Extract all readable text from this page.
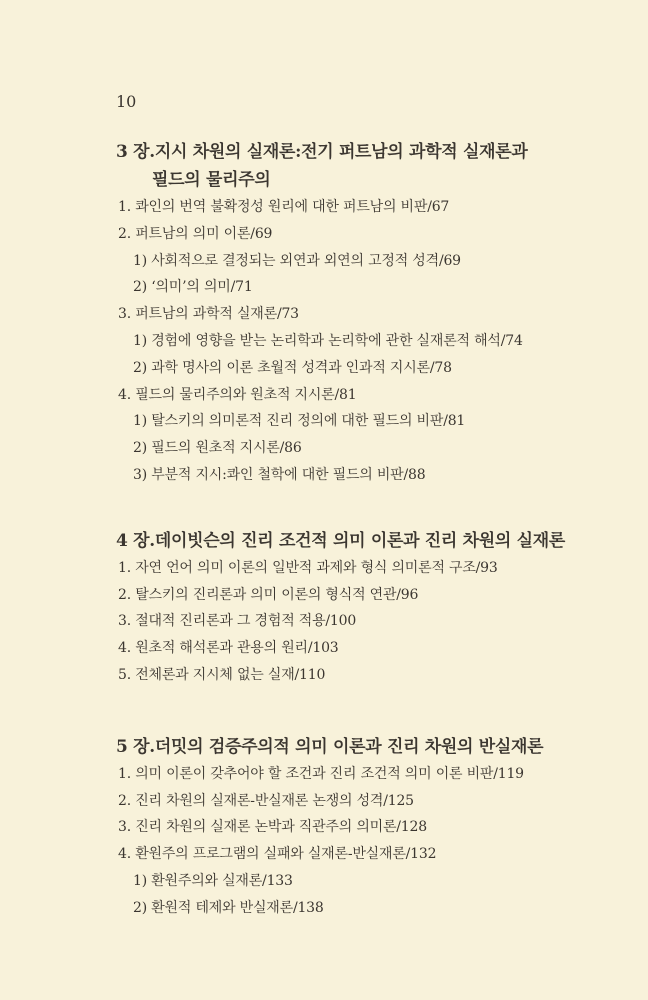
10
3 장.지시 차원의 실재론:전기 퍼트남의 과학적 실재론과
필드의 물리주의
1. 콰인의 번역 불확정성 원리에 대한 퍼트남의 비판/67
2. 퍼트남의 의미 이론/69
1) 사회적으로 결정되는 외연과 외연의 고정적 성격/69
2) ‘의미’의 의미/71
3. 퍼트남의 과학적 실재론/73
1) 경험에 영향을 받는 논리학과 논리학에 관한 실재론적 해석/74
2) 과학 명사의 이론 초월적 성격과 인과적 지시론/78
4. 필드의 물리주의와 원초적 지시론/81
1) 탈스키의 의미론적 진리 정의에 대한 필드의 비판/81
2) 필드의 원초적 지시론/86
3) 부분적 지시:콰인 철학에 대한 필드의 비판/88
4 장.데이빗슨의 진리 조건적 의미 이론과 진리 차원의 실재론
1. 자연 언어 의미 이론의 일반적 과제와 형식 의미론적 구조/93
2. 탈스키의 진리론과 의미 이론의 형식적 연관/96
3. 절대적 진리론과 그 경험적 적용/100
4. 원초적 해석론과 관용의 원리/103
5. 전체론과 지시체 없는 실재/110
5 장.더밋의 검증주의적 의미 이론과 진리 차원의 반실재론
1. 의미 이론이 갖추어야 할 조건과 진리 조건적 의미 이론 비판/119
2. 진리 차원의 실재론-반실재론 논쟁의 성격/125
3. 진리 차원의 실재론 논박과 직관주의 의미론/128
4. 환원주의 프로그램의 실패와 실재론-반실재론/132
1) 환원주의와 실재론/133
2) 환원적 테제와 반실재론/138
